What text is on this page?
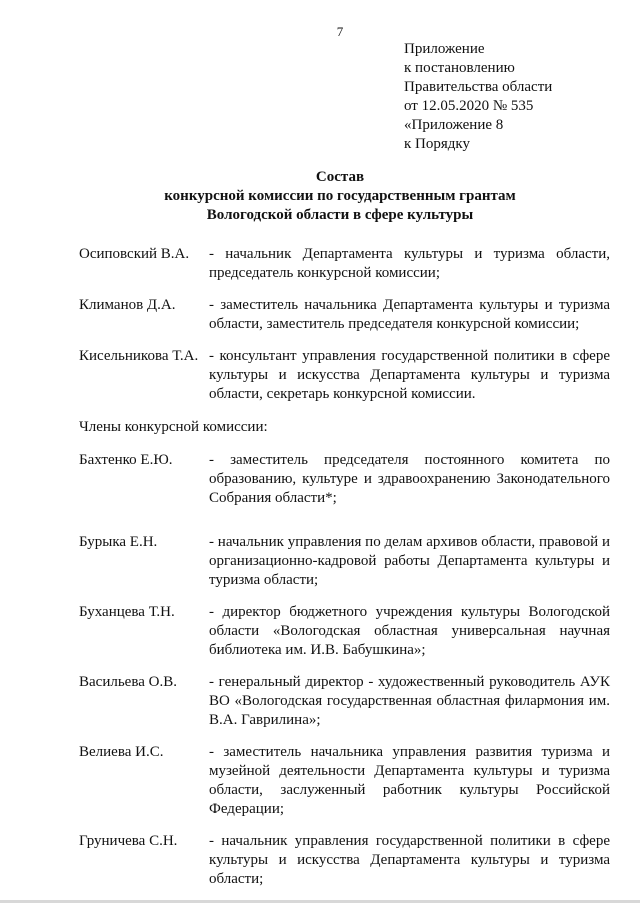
7
Приложение
к постановлению
Правительства области
от 12.05.2020 № 535
«Приложение 8
к Порядку
Состав
конкурсной комиссии по государственным грантам
Вологодской области в сфере культуры
Осиповский В.А.	- начальник Департамента культуры и туризма области, председатель конкурсной комиссии;
Климанов Д.А.	- заместитель начальника Департамента культуры и туризма области, заместитель председателя конкурсной комиссии;
Кисельникова Т.А. - консультант управления государственной политики в сфере культуры и искусства Департамента культуры и туризма области, секретарь конкурсной комиссии.
Члены конкурсной комиссии:
Бахтенко Е.Ю.	- заместитель председателя постоянного комитета по образованию, культуре и здравоохранению Законодательного Собрания области*;
Бурыка Е.Н.	- начальник управления по делам архивов области, правовой и организационно-кадровой работы Департамента культуры и туризма области;
Буханцева Т.Н.	- директор бюджетного учреждения культуры Вологодской области «Вологодская областная универсальная научная библиотека им. И.В. Бабушкина»;
Васильева О.В.	- генеральный директор - художественный руководитель АУК ВО «Вологодская государственная областная филармония им. В.А. Гаврилина»;
Велиева И.С.	- заместитель начальника управления развития туризма и музейной деятельности Департамента культуры и туризма области, заслуженный работник культуры Российской Федерации;
Груничева С.Н.	- начальник управления государственной политики в сфере культуры и искусства Департамента культуры и туризма области;
